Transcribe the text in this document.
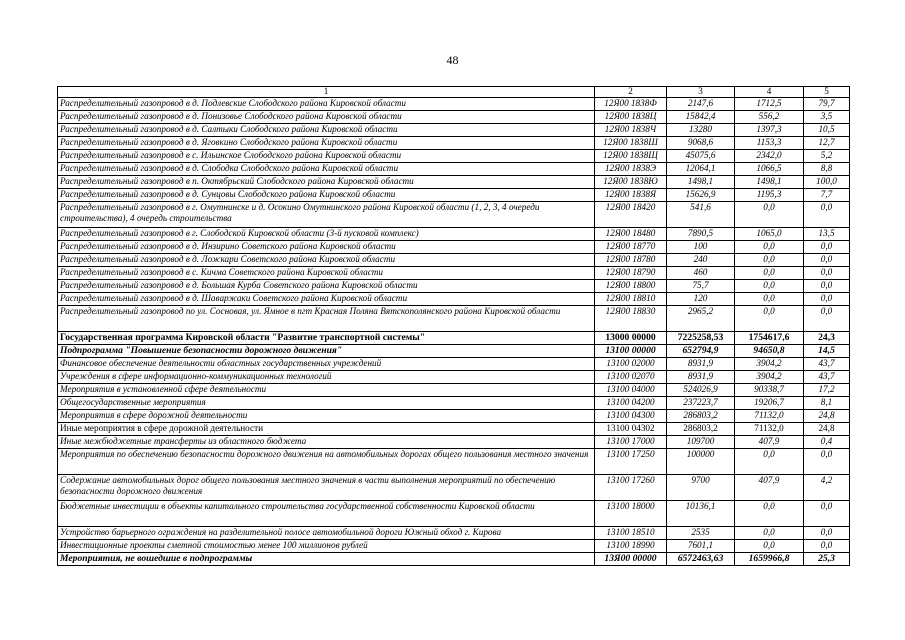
48
1	2	3	4	5
Распределительный газопровод в д. Подлевские Слободского района Кировской области	12Я00 1838Ф	2147,6	1712,5	79,7
Распределительный газопровод в д. Понизовье Слободского района Кировской области	12Я00 1838Ц	15842,4	556,2	3,5
Распределительный газопровод в д. Салтыки Слободского района Кировской области	12Я00 1838Ч	13280	1397,3	10,5
Распределительный газопровод в д. Яговкино Слободского района Кировской области	12Я00 1838Ш	9068,6	1153,3	12,7
Распределительный газопровод в с. Ильинское Слободского района Кировской области	12Я00 1838Щ	45075,6	2342,0	5,2
Распределительный газопровод в д. Слободка Слободского района Кировской области	12Я00 1838Э	12064,1	1066,5	8,8
Распределительный газопровод в п. Октябрьский Слободского района Кировской области	12Я00 1838Ю	1498,1	1498,1	100,0
Распределительный газопровод в д. Сунцовы Слободского района Кировской области	12Я00 1838Я	15626,9	1195,3	7,7
Распределительный газопровод в г. Омутнинске и д. Осокино Омутнинского района Кировской области (1, 2, 3, 4 очереди строительства), 4 очередь строительства	12Я00 18420	541,6	0,0	0,0
Распределительный газопровод в г. Слободской Кировской области (3-й пусковой комплекс)	12Я00 18480	7890,5	1065,0	13,5
Распределительный газопровод в д. Инзирино Советского района Кировской области	12Я00 18770	100	0,0	0,0
Распределительный газопровод в д. Ложкари Советского района Кировской области	12Я00 18780	240	0,0	0,0
Распределительный газопровод в с. Кичма Советского района Кировской области	12Я00 18790	460	0,0	0,0
Распределительный газопровод в д. Большая Курба Советского района Кировской области	12Я00 18800	75,7	0,0	0,0
Распределительный газопровод в д. Шаваржаки Советского района Кировской области	12Я00 18810	120	0,0	0,0
Распределительный газопровод по ул. Сосновая, ул. Ямное в пгт Красная Поляна Вятскополянского района Кировской области	12Я00 18830	2965,2	0,0	0,0
Государственная программа Кировской области "Развитие транспортной системы"	13000 00000	7225258,53	1754617,6	24,3
Подпрограмма "Повышение безопасности дорожного движения"	13100 00000	652794,9	94650,8	14,5
Финансовое обеспечение деятельности областных государственных учреждений	13100 02000	8931,9	3904,2	43,7
Учреждения в сфере информационно-коммуникационных технологий	13100 02070	8931,9	3904,2	43,7
Мероприятия в установленной сфере деятельности	13100 04000	524026,9	90338,7	17,2
Общегосударственные мероприятия	13100 04200	237223,7	19206,7	8,1
Мероприятия в сфере дорожной деятельности	13100 04300	286803,2	71132,0	24,8
Иные мероприятия в сфере дорожной деятельности	13100 04302	286803,2	71132,0	24,8
Иные межбюджетные трансферты из областного бюджета	13100 17000	109700	407,9	0,4
Мероприятия по обеспечению безопасности дорожного движения на автомобильных дорогах общего пользования местного значения	13100 17250	100000	0,0	0,0
Содержание автомобильных дорог общего пользования местного значения в части выполнения мероприятий по обеспечению безопасности дорожного движения	13100 17260	9700	407,9	4,2
Бюджетные инвестиции в объекты капитального строительства государственной собственности Кировской области	13100 18000	10136,1	0,0	0,0
Устройство барьерного ограждения на разделительной полосе автомобильной дороги Южный обход г. Кирова	13100 18510	2535	0,0	0,0
Инвестиционные проекты сметной стоимостью менее 100 миллионов рублей	13100 18990	7601,1	0,0	0,0
Мероприятия, не вошедшие в подпрограммы	13Я00 00000	6572463,63	1659966,8	25,3
